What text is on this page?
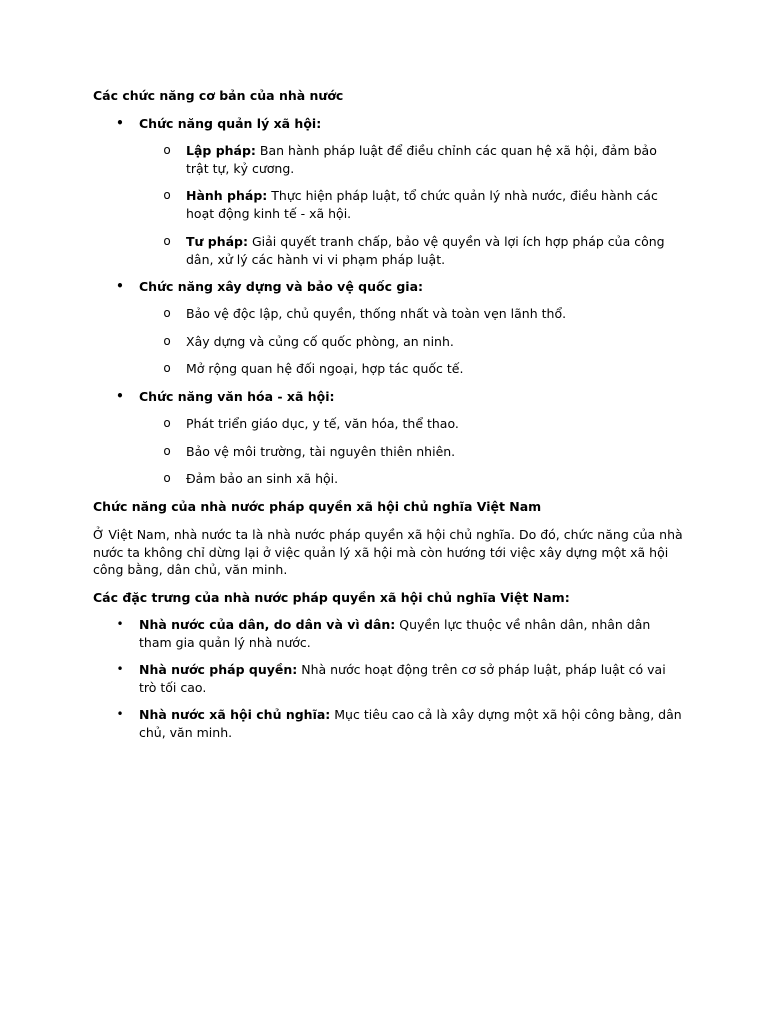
Các chức năng cơ bản của nhà nước

• Chức năng quản lý xã hội:
o Lập pháp: Ban hành pháp luật để điều chỉnh các quan hệ xã hội, đảm bảo trật tự, kỷ cương.
o Hành pháp: Thực hiện pháp luật, tổ chức quản lý nhà nước, điều hành các hoạt động kinh tế - xã hội.
o Tư pháp: Giải quyết tranh chấp, bảo vệ quyền và lợi ích hợp pháp của công dân, xử lý các hành vi vi phạm pháp luật.
• Chức năng xây dựng và bảo vệ quốc gia:
o Bảo vệ độc lập, chủ quyền, thống nhất và toàn vẹn lãnh thổ.
o Xây dựng và củng cố quốc phòng, an ninh.
o Mở rộng quan hệ đối ngoại, hợp tác quốc tế.
• Chức năng văn hóa - xã hội:
o Phát triển giáo dục, y tế, văn hóa, thể thao.
o Bảo vệ môi trường, tài nguyên thiên nhiên.
o Đảm bảo an sinh xã hội.

Chức năng của nhà nước pháp quyền xã hội chủ nghĩa Việt Nam

Ở Việt Nam, nhà nước ta là nhà nước pháp quyền xã hội chủ nghĩa. Do đó, chức năng của nhà nước ta không chỉ dừng lại ở việc quản lý xã hội mà còn hướng tới việc xây dựng một xã hội công bằng, dân chủ, văn minh.

Các đặc trưng của nhà nước pháp quyền xã hội chủ nghĩa Việt Nam:

• Nhà nước của dân, do dân và vì dân: Quyền lực thuộc về nhân dân, nhân dân tham gia quản lý nhà nước.
• Nhà nước pháp quyền: Nhà nước hoạt động trên cơ sở pháp luật, pháp luật có vai trò tối cao.
• Nhà nước xã hội chủ nghĩa: Mục tiêu cao cả là xây dựng một xã hội công bằng, dân chủ, văn minh.
